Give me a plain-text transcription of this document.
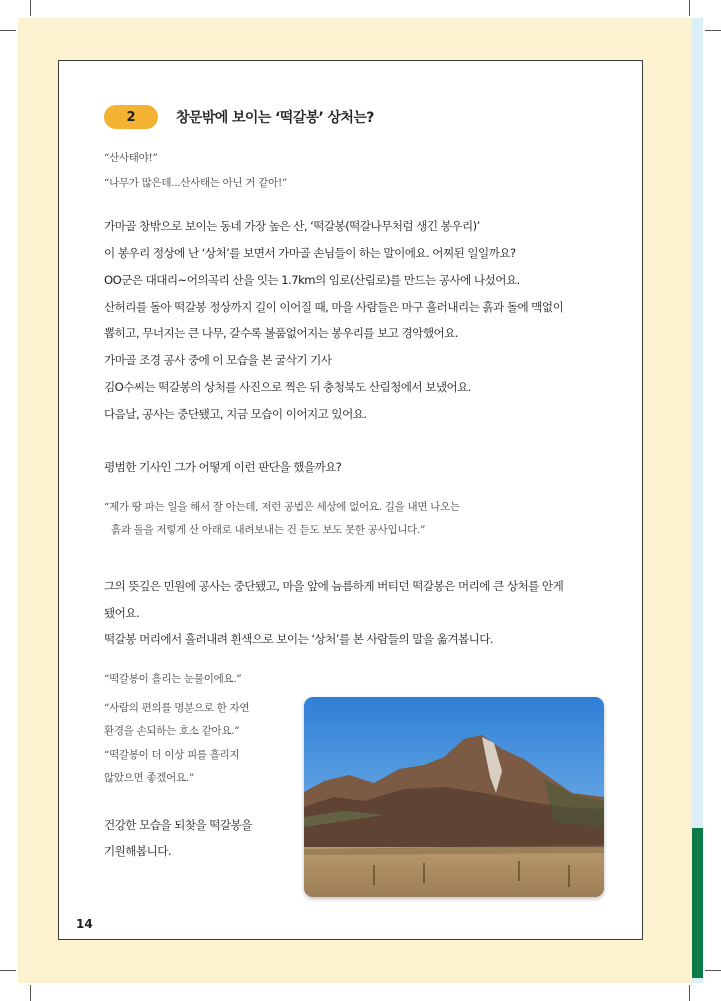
2	창문밖에 보이는 ‘떡갈봉’ 상처는?
“산사태야!”
“나무가 많은데...산사태는 아닌 거 같아!”
가마골 창밖으로 보이는 동네 가장 높은 산, ‘떡갈봉(떡갈나무처럼 생긴 봉우리)’
이 봉우리 정상에 난 ‘상처’를 보면서 가마골 손님들이 하는 말이에요. 어찌된 일일까요?
OO군은 대대리~어의곡리 산을 잇는 1.7km의 임로(산림로)를 만드는 공사에 나섰어요.
산허리를 돌아 떡갈봉 정상까지 길이 이어질 때, 마을 사람들은 마구 흘러내리는 흙과 돌에 맥없이
뽑히고, 무너지는 큰 나무, 갈수록 볼품없어지는 봉우리를 보고 경악했어요.
가마골 조경 공사 중에 이 모습을 본 굴삭기 기사
김O수씨는 떡갈봉의 상처를 사진으로 찍은 뒤 충청북도 산림청에서 보냈어요.
다음날, 공사는 중단됐고, 지금 모습이 이어지고 있어요.
평범한 기사인 그가 어떻게 이런 판단을 했을까요?
“제가 땅 파는 일을 해서 잘 아는데, 저런 공법은 세상에 없어요. 길을 내면 나오는
흙과 돌을 저렇게 산 아래로 내려보내는 건 듣도 보도 못한 공사입니다.”
그의 뜻깊은 민원에 공사는 중단됐고, 마을 앞에 늠름하게 버티던 떡갈봉은 머리에 큰 상처를 안게
됐어요.
떡갈봉 머리에서 흘러내려 흰색으로 보이는 ‘상처’를 본 사람들의 말을 옮겨봅니다.
“떡갈봉이 흘리는 눈물이에요.”
“사람의 편의를 명분으로 한 자연
환경을 손되하는 호소 같아요.”
“떡갈봉이 더 이상 피를 흘리지
않았으면 좋겠어요.”
건강한 모습을 되찾을 떡갈봉을
기원해봅니다.
14
